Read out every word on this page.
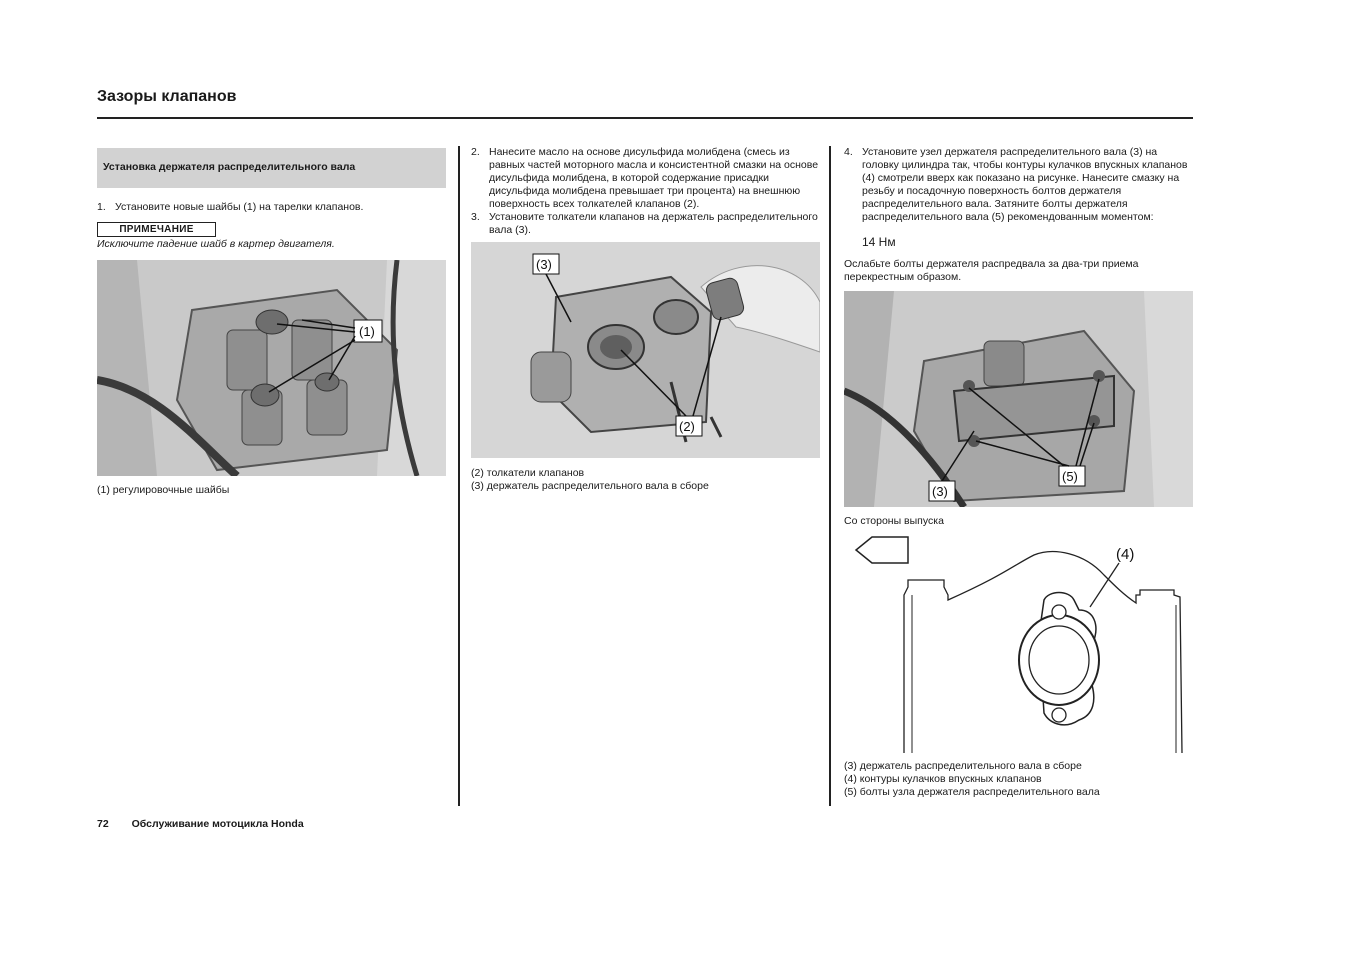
Зазоры клапанов
Установка держателя распределительного вала
1. Установите новые шайбы (1) на тарелки клапанов.
ПРИМЕЧАНИЕ
Исключите падение шайб в картер двигателя.
(1)
(1) регулировочные шайбы
2. Нанесите масло на основе дисульфида молибдена (смесь из равных частей моторного масла и консистентной смазки на основе дисульфида молибдена, в которой содержание присадки дисульфида молибдена превышает три процента) на внешнюю поверхность всех толкателей клапанов (2).
3. Установите толкатели клапанов на держатель распределительного вала (3).
(3)
(2)
(2) толкатели клапанов
(3) держатель распределительного вала в сборе
4. Установите узел держателя распределительного вала (3) на головку цилиндра так, чтобы контуры кулачков впускных клапанов (4) смотрели вверх как показано на рисунке. Нанесите смазку на резьбу и посадочную поверхность болтов держателя распределительного вала. Затяните болты держателя распределительного вала (5) рекомендованным моментом:
14 Нм
Ослабьте болты держателя распредвала за два-три приема перекрестным образом.
(3)
(5)
Со стороны выпуска
(4)
(3) держатель распределительного вала в сборе
(4) контуры кулачков впускных клапанов
(5) болты узла держателя распределительного вала
72 Обслуживание мотоцикла Honda
